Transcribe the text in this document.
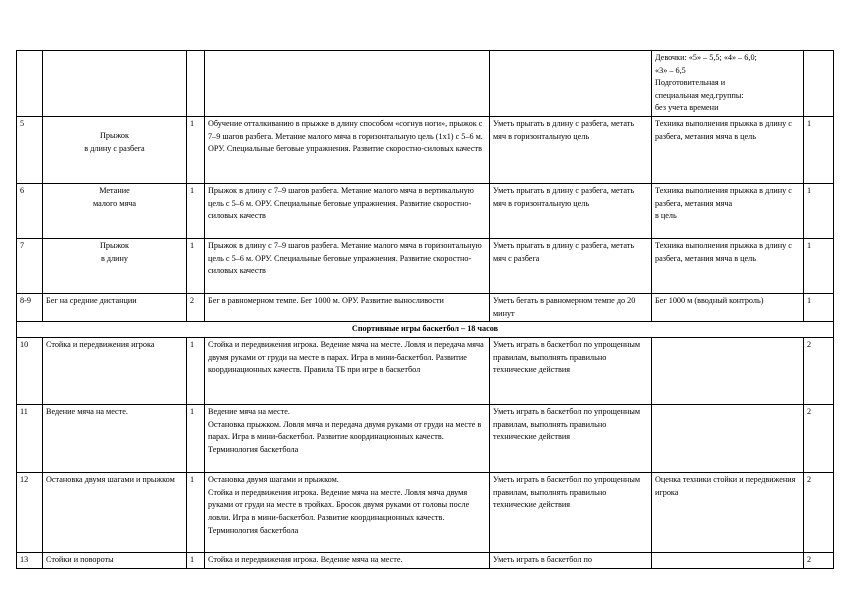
					Девочки: «5» – 5,5; «4» – 6,0;
«3» – 6,5
Подготовительная и
специальная мед.группы:
без учета времени	
5	Прыжок
в длину с разбега	1	Обучение отталкиванию в прыжке в длину способом «согнув ноги», прыжок с 7–9 шагов разбега. Метание малого мяча в горизонтальную цель (1x1) с 5–6 м. ОРУ. Специальные беговые упражнения. Развитие скоростно-силовых качеств	Уметь прыгать в длину с разбега, метать мяч в горизонтальную цель	Техника выполнения прыжка в длину с разбега, метания мяча в цель	1
6	Метание
малого мяча	1	Прыжок в длину с 7–9 шагов разбега. Метание малого мяча в вертикальную цель с 5–6 м. ОРУ. Специальные беговые упражнения. Развитие скоростно-силовых качеств	Уметь прыгать в длину с разбега, метать мяч в горизонтальную цель	Техника выполнения прыжка в длину с разбега, метания мяча
в цель	1
7	Прыжок
в длину	1	Прыжок в длину с 7–9 шагов разбега. Метание малого мяча в горизонтальную цель с 5–6 м. ОРУ. Специальные беговые упражнения. Развитие скоростно-силовых качеств	Уметь прыгать в длину с разбега, метать мяч с разбега	Техника выполнения прыжка в длину с разбега, метания мяча в цель	1
8-9	Бег на средние дистанции	2	Бег в равномерном темпе. Бег 1000 м. ОРУ. Развитие выносливости	Уметь бегать в равномерном темпе до 20 минут	Бег 1000 м (вводный контроль)	1
Спортивные игры баскетбол – 18 часов						
10	Стойка и передвижения игрока	1	Стойка и передвижения игрока. Ведение мяча на месте. Ловля и передача мяча двумя руками от груди на месте в парах. Игра в мини-баскетбол. Развитие координационных качеств. Правила ТБ при игре в баскетбол	Уметь играть в баскетбол по упрощенным правилам, выполнять правильно технические действия		2
11	Ведение мяча на месте.	1	Ведение мяча на месте.
Остановка прыжком. Ловля мяча и передача двумя руками от груди на месте в парах. Игра в мини-баскетбол. Развитие координационных качеств. Терминология баскетбола	Уметь играть в баскетбол по упрощенным правилам, выполнять правильно технические действия		2
12	Остановка двумя шагами и прыжком	1	Остановка двумя шагами и прыжком.
Стойка и передвижения игрока. Ведение мяча на месте. Ловля мяча двумя руками от груди на месте в тройках. Бросок двумя руками от головы после ловли. Игра в мини-баскетбол. Развитие координационных качеств. Терминология баскетбола	Уметь играть в баскетбол по упрощенным правилам, выполнять правильно технические действия	Оценка техники стойки и передвижения игрока	2
13	Стойки и повороты	1	Стойка и передвижения игрока. Ведение мяча на месте.	Уметь играть в баскетбол по		2
